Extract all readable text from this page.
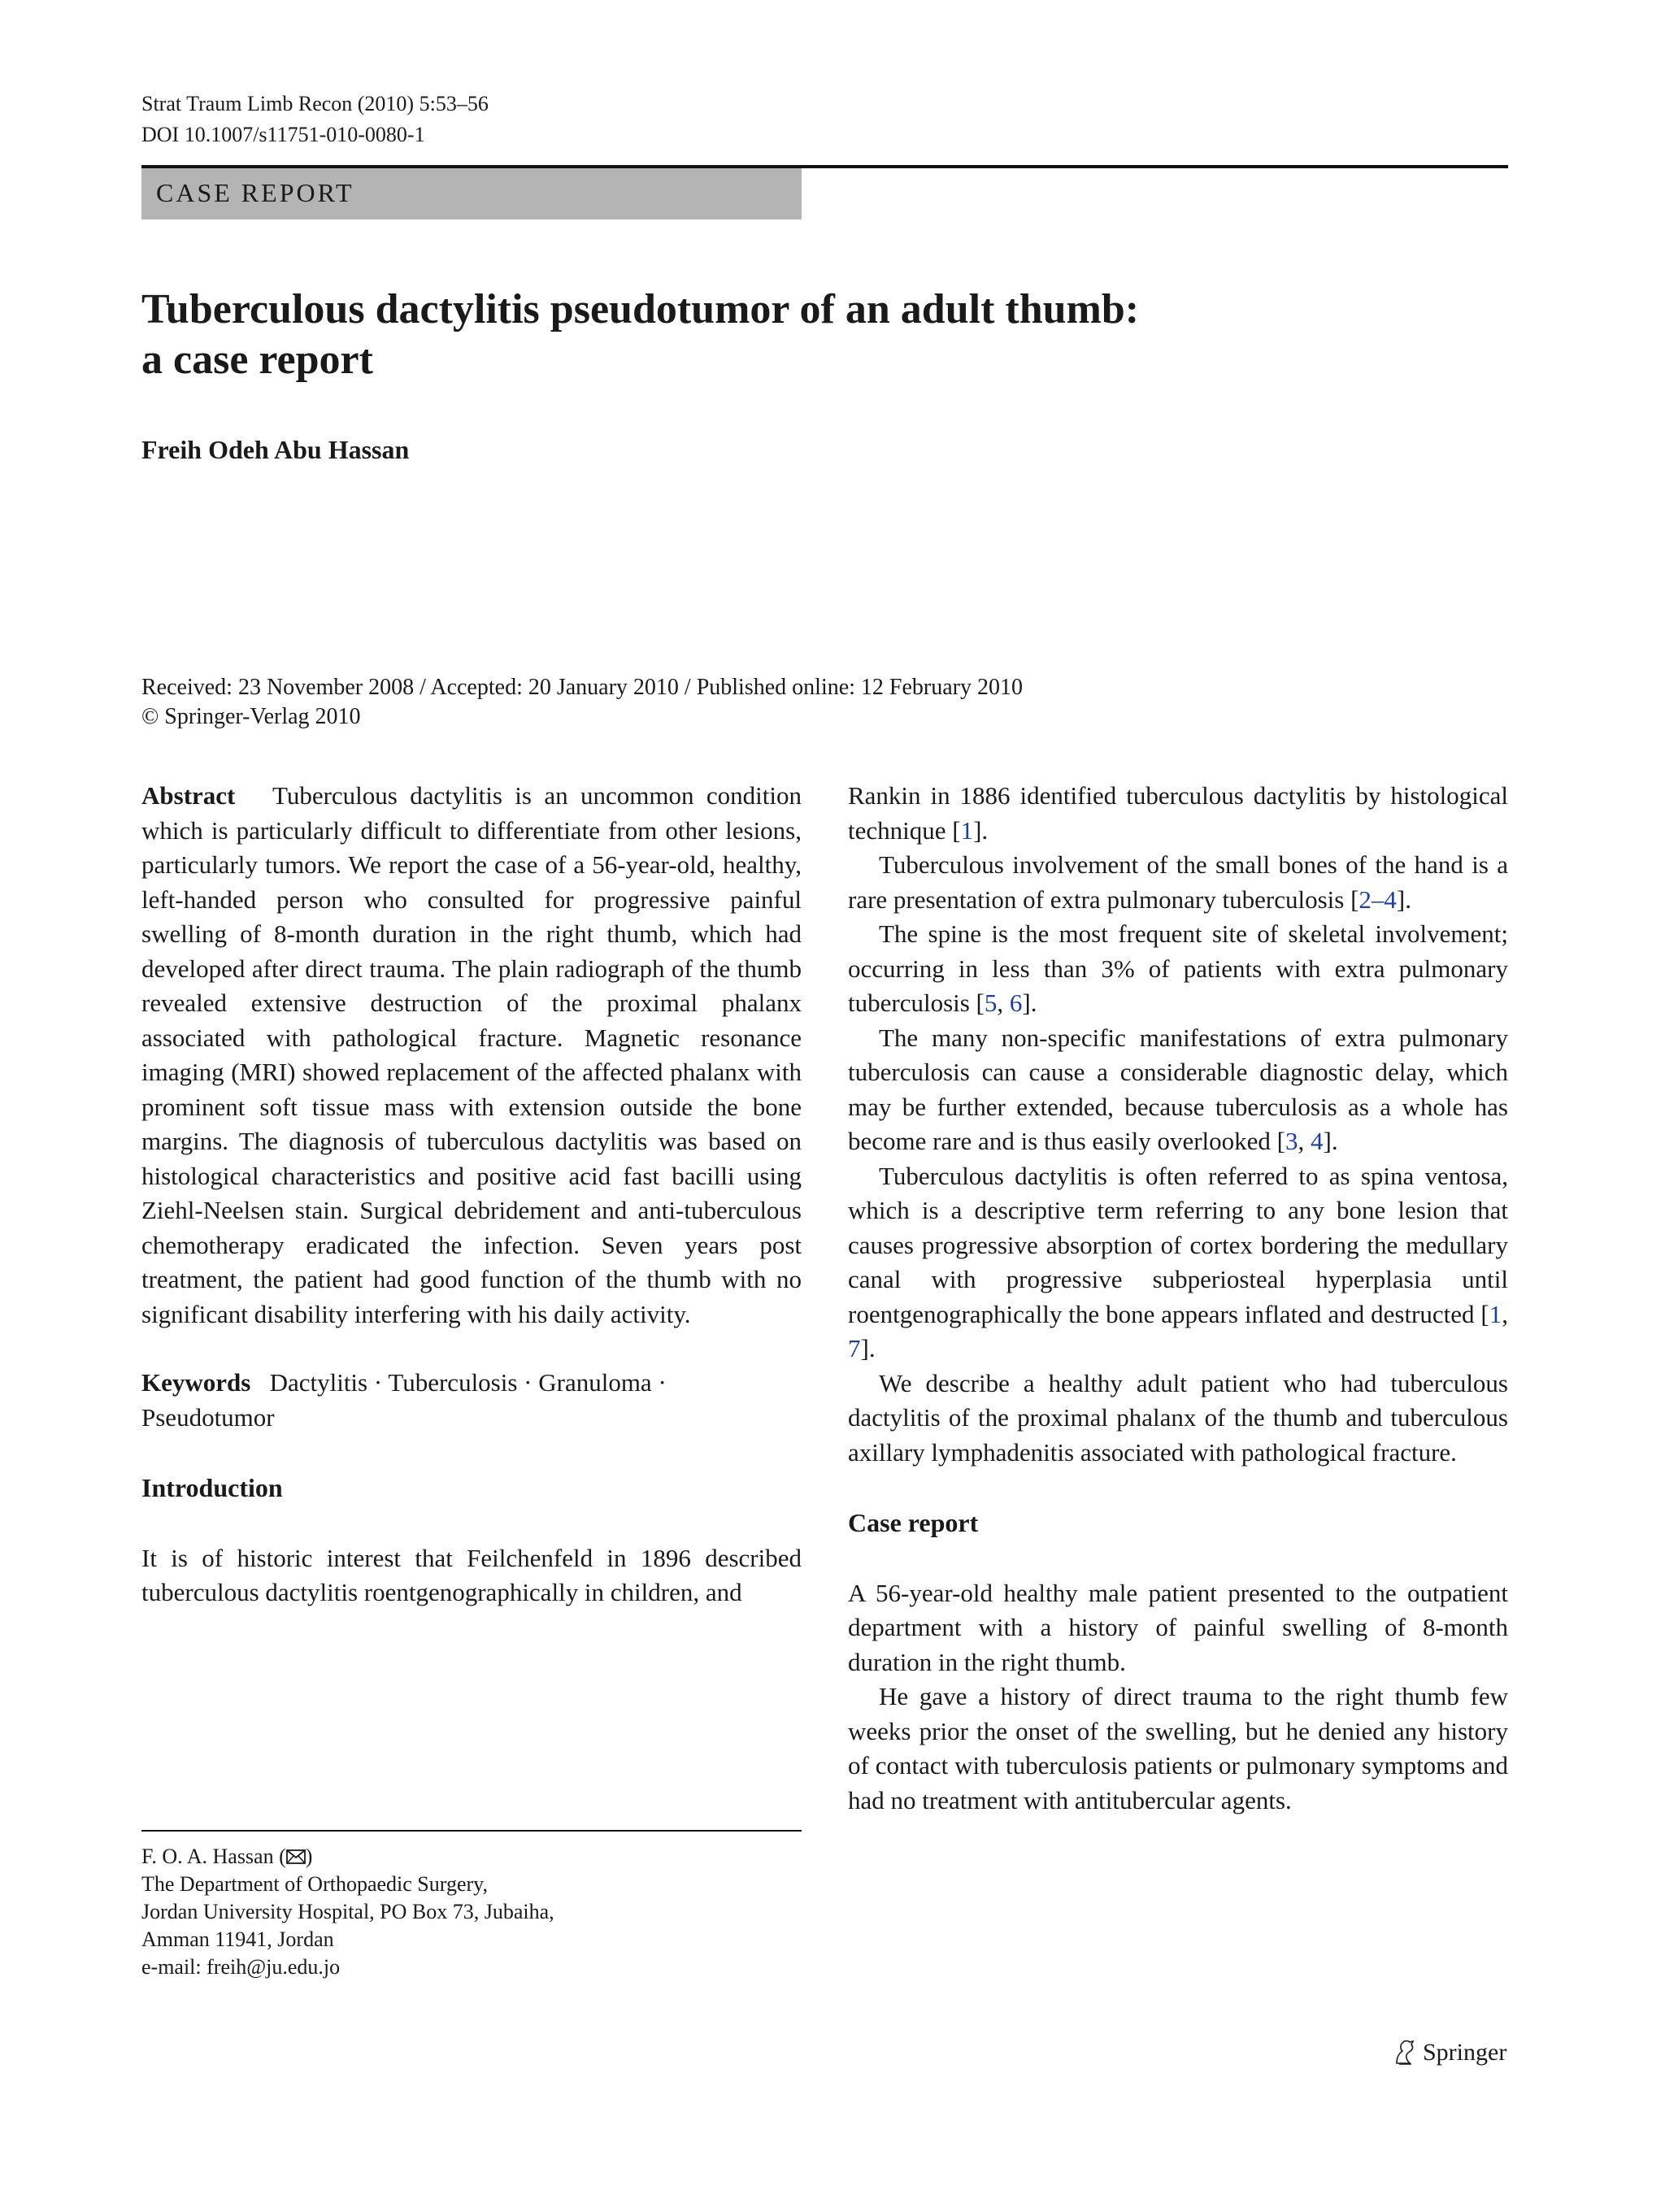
Strat Traum Limb Recon (2010) 5:53–56
DOI 10.1007/s11751-010-0080-1
CASE REPORT
Tuberculous dactylitis pseudotumor of an adult thumb:
a case report
Freih Odeh Abu Hassan
Received: 23 November 2008 / Accepted: 20 January 2010 / Published online: 12 February 2010
© Springer-Verlag 2010

Abstract Tuberculous dactylitis is an uncommon condition which is particularly difficult to differentiate from other lesions, particularly tumors. We report the case of a 56-year-old, healthy, left-handed person who consulted for progressive painful swelling of 8-month duration in the right thumb, which had developed after direct trauma. The plain radiograph of the thumb revealed extensive destruction of the proximal phalanx associated with pathological fracture. Magnetic resonance imaging (MRI) showed replacement of the affected phalanx with prominent soft tissue mass with extension outside the bone margins. The diagnosis of tuberculous dactylitis was based on histological characteristics and positive acid fast bacilli using Ziehl-Neelsen stain. Surgical debridement and anti-tuberculous chemotherapy eradicated the infection. Seven years post treatment, the patient had good function of the thumb with no significant disability interfering with his daily activity.

Keywords Dactylitis · Tuberculosis · Granuloma · Pseudotumor

Introduction

It is of historic interest that Feilchenfeld in 1896 described tuberculous dactylitis roentgenographically in children, and

Rankin in 1886 identified tuberculous dactylitis by histological technique [1].

Tuberculous involvement of the small bones of the hand is a rare presentation of extra pulmonary tuberculosis [2–4].

The spine is the most frequent site of skeletal involvement; occurring in less than 3% of patients with extra pulmonary tuberculosis [5, 6].

The many non-specific manifestations of extra pulmonary tuberculosis can cause a considerable diagnostic delay, which may be further extended, because tuberculosis as a whole has become rare and is thus easily overlooked [3, 4].

Tuberculous dactylitis is often referred to as spina ventosa, which is a descriptive term referring to any bone lesion that causes progressive absorption of cortex bordering the medullary canal with progressive subperiosteal hyperplasia until roentgenographically the bone appears inflated and destructed [1, 7].

We describe a healthy adult patient who had tuberculous dactylitis of the proximal phalanx of the thumb and tuberculous axillary lymphadenitis associated with pathological fracture.

Case report

A 56-year-old healthy male patient presented to the outpatient department with a history of painful swelling of 8-month duration in the right thumb.

He gave a history of direct trauma to the right thumb few weeks prior the onset of the swelling, but he denied any history of contact with tuberculosis patients or pulmonary symptoms and had no treatment with antitubercular agents.

F. O. A. Hassan ( )
The Department of Orthopaedic Surgery,
Jordan University Hospital, PO Box 73, Jubaiha,
Amman 11941, Jordan
e-mail: freih@ju.edu.jo
Springer
